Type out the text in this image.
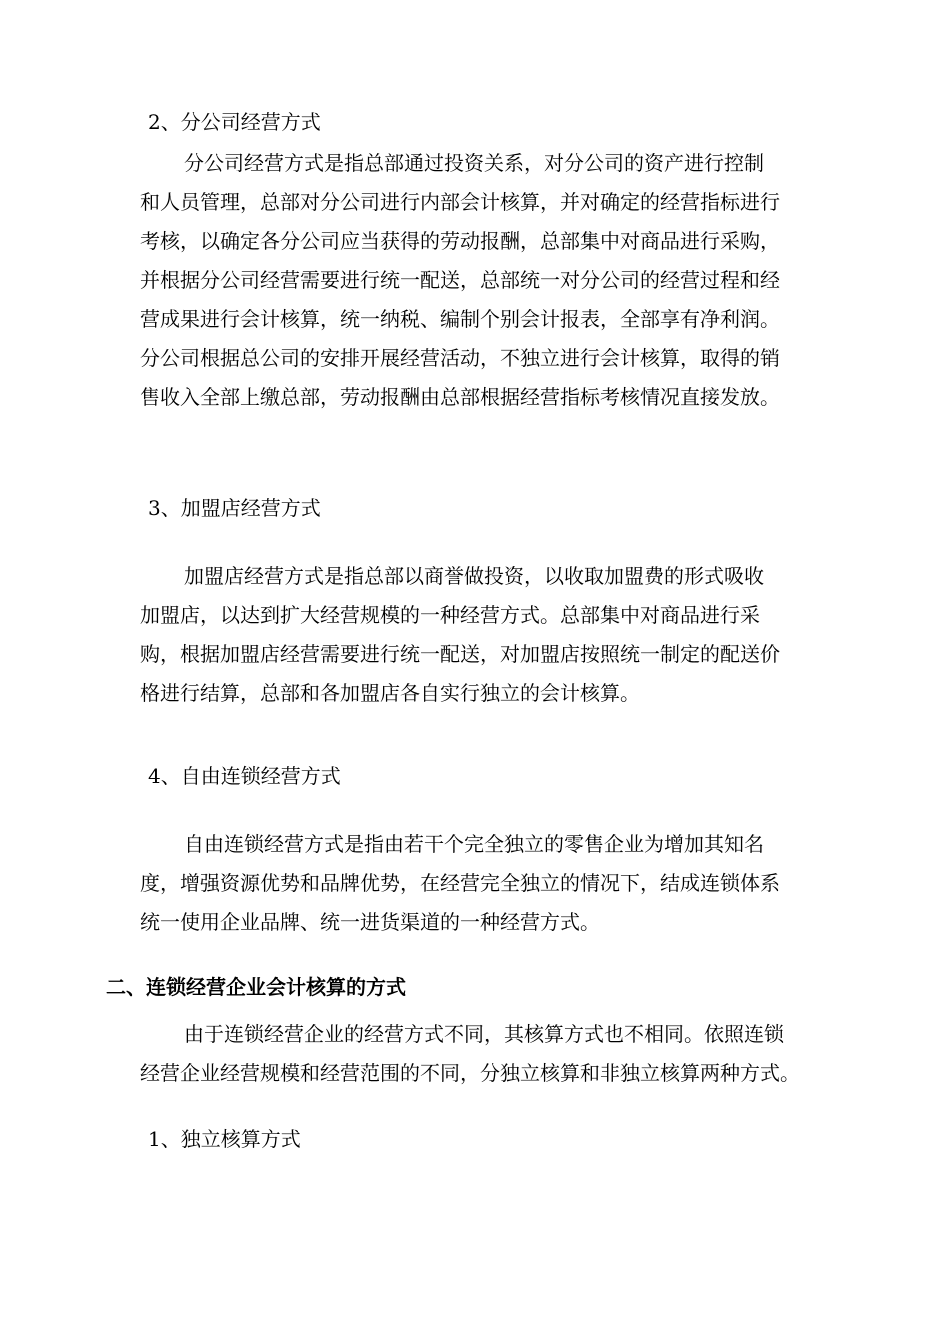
2、分公司经营方式
分公司经营方式是指总部通过投资关系，对分公司的资产进行控制
和人员管理，总部对分公司进行内部会计核算，并对确定的经营指标进行
考核，以确定各分公司应当获得的劳动报酬，总部集中对商品进行采购，
并根据分公司经营需要进行统一配送，总部统一对分公司的经营过程和经
营成果进行会计核算，统一纳税、编制个别会计报表，全部享有净利润。
分公司根据总公司的安排开展经营活动，不独立进行会计核算，取得的销
售收入全部上缴总部，劳动报酬由总部根据经营指标考核情况直接发放。
3、加盟店经营方式
加盟店经营方式是指总部以商誉做投资，以收取加盟费的形式吸收
加盟店，以达到扩大经营规模的一种经营方式。总部集中对商品进行采
购，根据加盟店经营需要进行统一配送，对加盟店按照统一制定的配送价
格进行结算，总部和各加盟店各自实行独立的会计核算。
4、自由连锁经营方式
自由连锁经营方式是指由若干个完全独立的零售企业为增加其知名
度，增强资源优势和品牌优势，在经营完全独立的情况下，结成连锁体系
统一使用企业品牌、统一进货渠道的一种经营方式。
二、连锁经营企业会计核算的方式
由于连锁经营企业的经营方式不同，其核算方式也不相同。依照连锁
经营企业经营规模和经营范围的不同，分独立核算和非独立核算两种方式。
1、独立核算方式
